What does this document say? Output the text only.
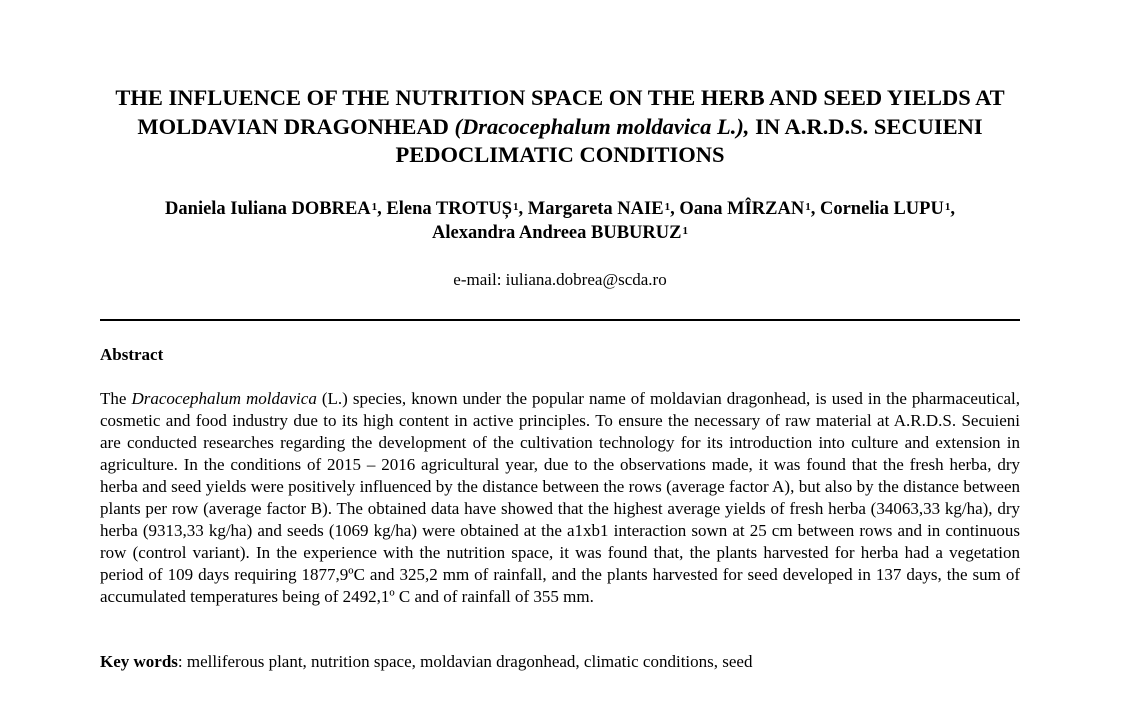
THE INFLUENCE OF THE NUTRITION SPACE ON THE HERB AND SEED YIELDS AT MOLDAVIAN DRAGONHEAD (Dracocephalum moldavica L.), IN A.R.D.S. SECUIENI PEDOCLIMATIC CONDITIONS
Daniela Iuliana DOBREA$^1$, Elena TROTUȘ$^1$, Margareta NAIE$^1$, Oana MÎRZAN$^1$, Cornelia LUPU$^1$,
Alexandra Andreea BUBURUZ$^1$
e-mail: iuliana.dobrea@scda.ro
Abstract
The Dracocephalum moldavica (L.) species, known under the popular name of moldavian dragonhead, is used in the pharmaceutical, cosmetic and food industry due to its high content in active principles. To ensure the necessary of raw material at A.R.D.S. Secuieni are conducted researches regarding the development of the cultivation technology for its introduction into culture and extension in agriculture. In the conditions of 2015 – 2016 agricultural year, due to the observations made, it was found that the fresh herba, dry herba and seed yields were positively influenced by the distance between the rows (average factor A), but also by the distance between plants per row (average factor B). The obtained data have showed that the highest average yields of fresh herba (34063,33 kg/ha), dry herba (9313,33 kg/ha) and seeds (1069 kg/ha) were obtained at the a1xb1 interaction sown at 25 cm between rows and in continuous row (control variant). In the experience with the nutrition space, it was found that, the plants harvested for herba had a vegetation period of 109 days requiring 1877,9ºC and 325,2 mm of rainfall, and the plants harvested for seed developed in 137 days, the sum of accumulated temperatures being of 2492,1º C and of rainfall of 355 mm.
Key words: melliferous plant, nutrition space, moldavian dragonhead, climatic conditions, seed
